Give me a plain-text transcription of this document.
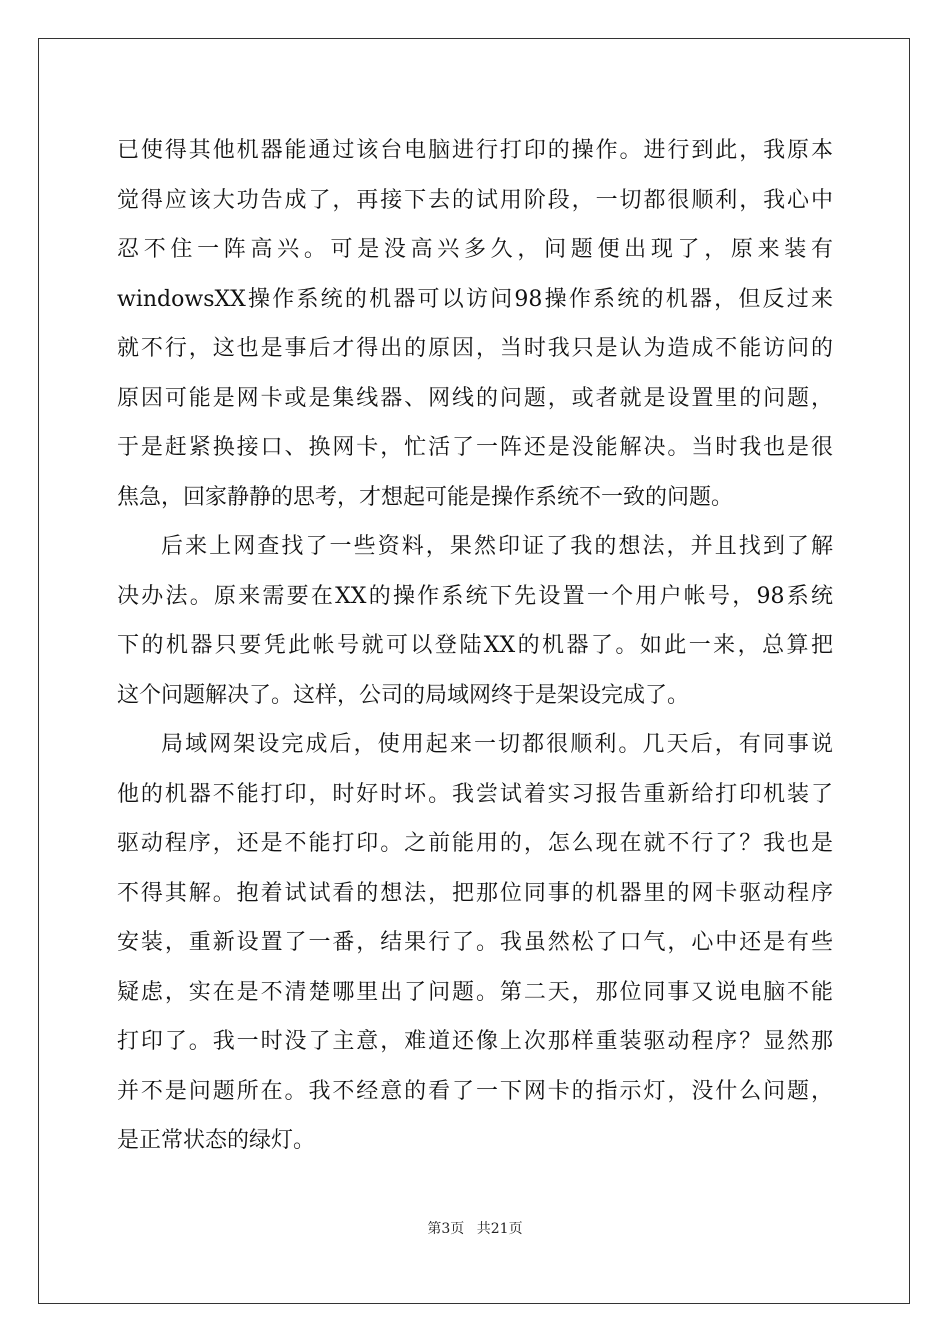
已使得其他机器能通过该台电脑进行打印的操作。进行到此，我原本
觉得应该大功告成了，再接下去的试用阶段，一切都很顺利，我心中
忍不住一阵高兴。可是没高兴多久，问题便出现了，原来装有
windowsXX操作系统的机器可以访问98操作系统的机器，但反过来
就不行，这也是事后才得出的原因，当时我只是认为造成不能访问的
原因可能是网卡或是集线器、网线的问题，或者就是设置里的问题，
于是赶紧换接口、换网卡，忙活了一阵还是没能解决。当时我也是很
焦急，回家静静的思考，才想起可能是操作系统不一致的问题。
后来上网查找了一些资料，果然印证了我的想法，并且找到了解
决办法。原来需要在XX的操作系统下先设置一个用户帐号，98系统
下的机器只要凭此帐号就可以登陆XX的机器了。如此一来，总算把
这个问题解决了。这样，公司的局域网终于是架设完成了。
局域网架设完成后，使用起来一切都很顺利。几天后，有同事说
他的机器不能打印，时好时坏。我尝试着实习报告重新给打印机装了
驱动程序，还是不能打印。之前能用的，怎么现在就不行了？我也是
不得其解。抱着试试看的想法，把那位同事的机器里的网卡驱动程序
安装，重新设置了一番，结果行了。我虽然松了口气，心中还是有些
疑虑，实在是不清楚哪里出了问题。第二天，那位同事又说电脑不能
打印了。我一时没了主意，难道还像上次那样重装驱动程序？显然那
并不是问题所在。我不经意的看了一下网卡的指示灯，没什么问题，
是正常状态的绿灯。
第3页 共21页
